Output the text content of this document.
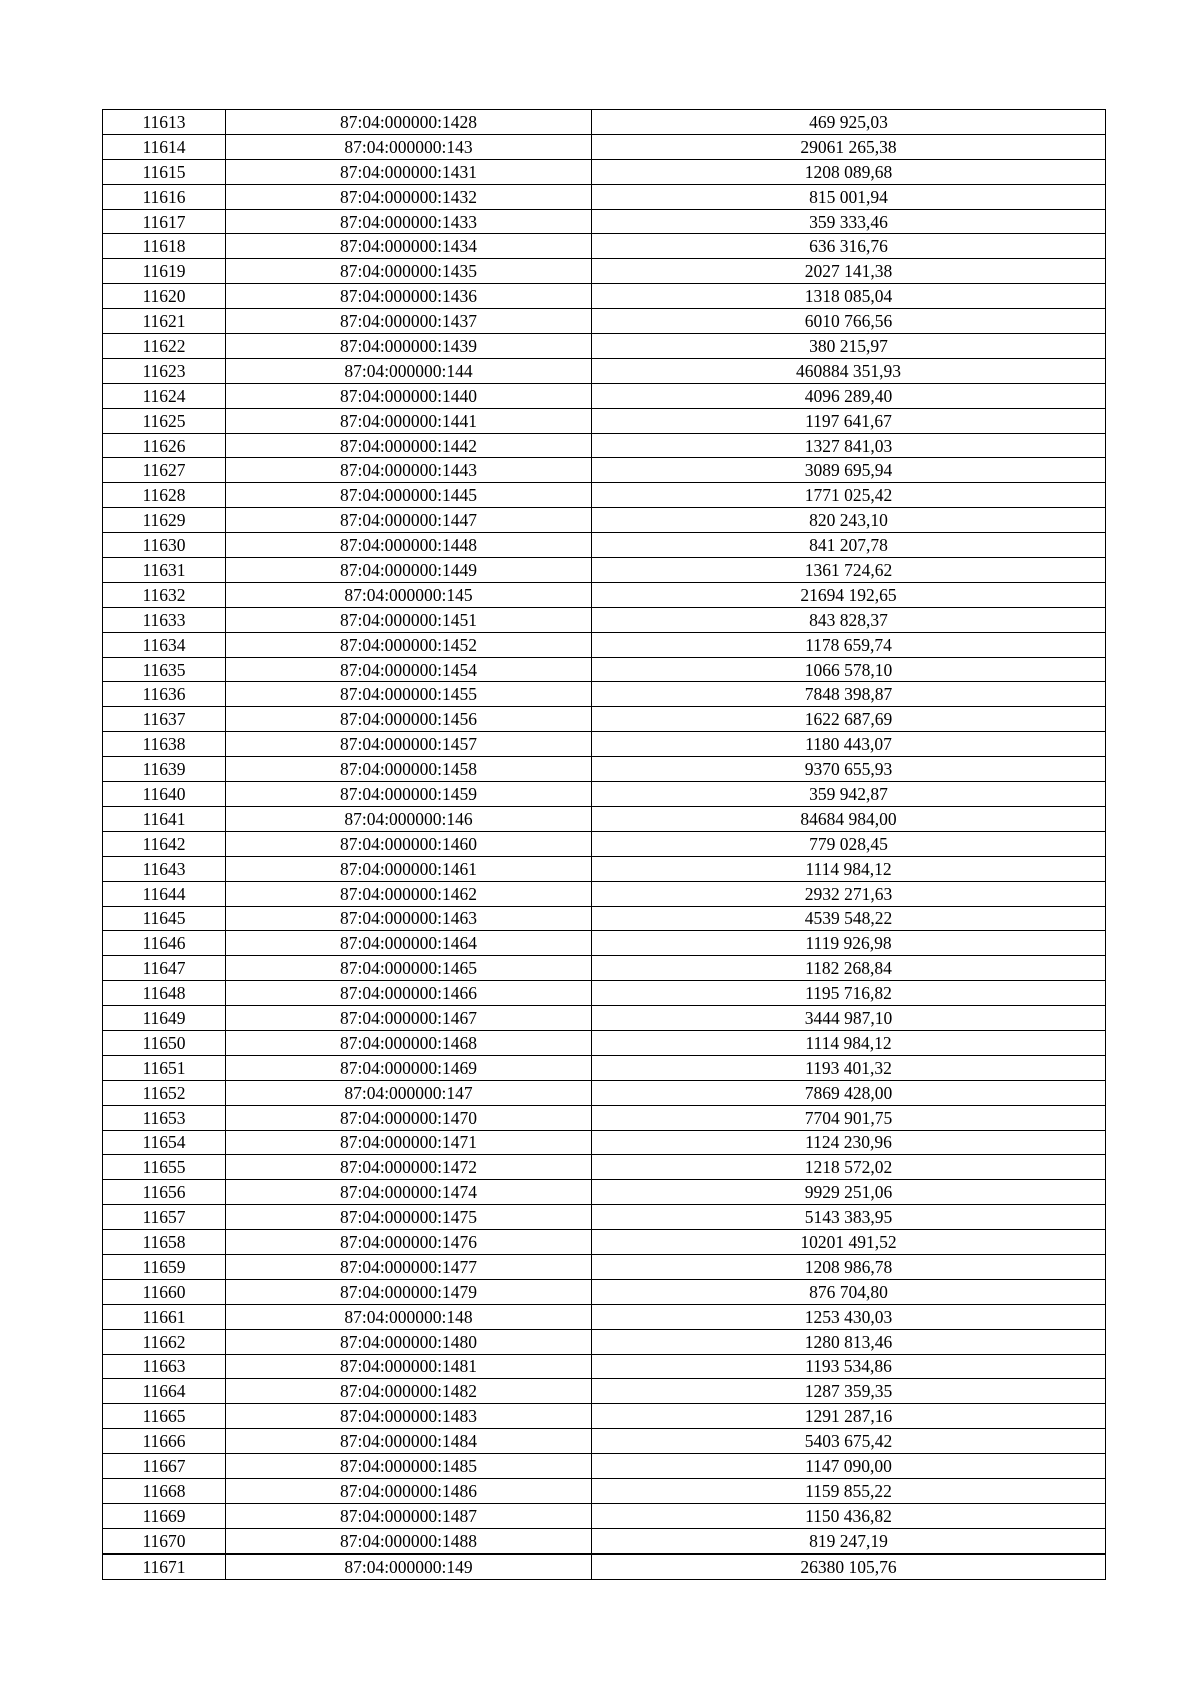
11613	87:04:000000:1428	469 925,03
11614	87:04:000000:143	29061 265,38
11615	87:04:000000:1431	1208 089,68
11616	87:04:000000:1432	815 001,94
11617	87:04:000000:1433	359 333,46
11618	87:04:000000:1434	636 316,76
11619	87:04:000000:1435	2027 141,38
11620	87:04:000000:1436	1318 085,04
11621	87:04:000000:1437	6010 766,56
11622	87:04:000000:1439	380 215,97
11623	87:04:000000:144	460884 351,93
11624	87:04:000000:1440	4096 289,40
11625	87:04:000000:1441	1197 641,67
11626	87:04:000000:1442	1327 841,03
11627	87:04:000000:1443	3089 695,94
11628	87:04:000000:1445	1771 025,42
11629	87:04:000000:1447	820 243,10
11630	87:04:000000:1448	841 207,78
11631	87:04:000000:1449	1361 724,62
11632	87:04:000000:145	21694 192,65
11633	87:04:000000:1451	843 828,37
11634	87:04:000000:1452	1178 659,74
11635	87:04:000000:1454	1066 578,10
11636	87:04:000000:1455	7848 398,87
11637	87:04:000000:1456	1622 687,69
11638	87:04:000000:1457	1180 443,07
11639	87:04:000000:1458	9370 655,93
11640	87:04:000000:1459	359 942,87
11641	87:04:000000:146	84684 984,00
11642	87:04:000000:1460	779 028,45
11643	87:04:000000:1461	1114 984,12
11644	87:04:000000:1462	2932 271,63
11645	87:04:000000:1463	4539 548,22
11646	87:04:000000:1464	1119 926,98
11647	87:04:000000:1465	1182 268,84
11648	87:04:000000:1466	1195 716,82
11649	87:04:000000:1467	3444 987,10
11650	87:04:000000:1468	1114 984,12
11651	87:04:000000:1469	1193 401,32
11652	87:04:000000:147	7869 428,00
11653	87:04:000000:1470	7704 901,75
11654	87:04:000000:1471	1124 230,96
11655	87:04:000000:1472	1218 572,02
11656	87:04:000000:1474	9929 251,06
11657	87:04:000000:1475	5143 383,95
11658	87:04:000000:1476	10201 491,52
11659	87:04:000000:1477	1208 986,78
11660	87:04:000000:1479	876 704,80
11661	87:04:000000:148	1253 430,03
11662	87:04:000000:1480	1280 813,46
11663	87:04:000000:1481	1193 534,86
11664	87:04:000000:1482	1287 359,35
11665	87:04:000000:1483	1291 287,16
11666	87:04:000000:1484	5403 675,42
11667	87:04:000000:1485	1147 090,00
11668	87:04:000000:1486	1159 855,22
11669	87:04:000000:1487	1150 436,82
11670	87:04:000000:1488	819 247,19
11671	87:04:000000:149	26380 105,76
